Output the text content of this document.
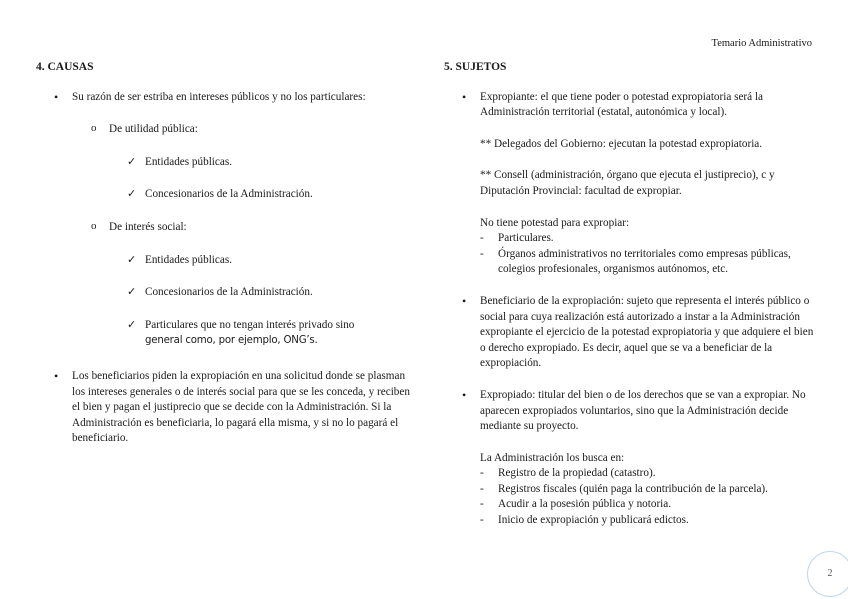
Temario Administrativo
4. CAUSAS
• Su razón de ser estriba en intereses públicos y no los particulares:
o De utilidad pública:
✓ Entidades públicas.
✓ Concesionarios de la Administración.
o De interés social:
✓ Entidades públicas.
✓ Concesionarios de la Administración.
✓ Particulares que no tengan interés privado sino
general como, por ejemplo, ONG’s.
• Los beneficiarios piden la expropiación en una solicitud donde se plasman los intereses generales o de interés social para que se les conceda, y reciben el bien y pagan el justiprecio que se decide con la Administración. Si la Administración es beneficiaria, lo pagará ella misma, y si no lo pagará el beneficiario.
5. SUJETOS
• Expropiante: el que tiene poder o potestad expropiatoria será la Administración territorial (estatal, autonómica y local).
** Delegados del Gobierno: ejecutan la potestad expropiatoria.
** Consell (administración, órgano que ejecuta el justiprecio), c y Diputación Provincial: facultad de expropiar.
No tiene potestad para expropiar:
- Particulares.
- Órganos administrativos no territoriales como empresas públicas, colegios profesionales, organismos autónomos, etc.
• Beneficiario de la expropiación: sujeto que representa el interés público o social para cuya realización está autorizado a instar a la Administración expropiante el ejercicio de la potestad expropiatoria y que adquiere el bien o derecho expropiado. Es decir, aquel que se va a beneficiar de la expropiación.
• Expropiado: titular del bien o de los derechos que se van a expropiar. No aparecen expropiados voluntarios, sino que la Administración decide mediante su proyecto.
La Administración los busca en:
- Registro de la propiedad (catastro).
- Registros fiscales (quién paga la contribución de la parcela).
- Acudir a la posesión pública y notoria.
- Inicio de expropiación y publicará edictos.
2
